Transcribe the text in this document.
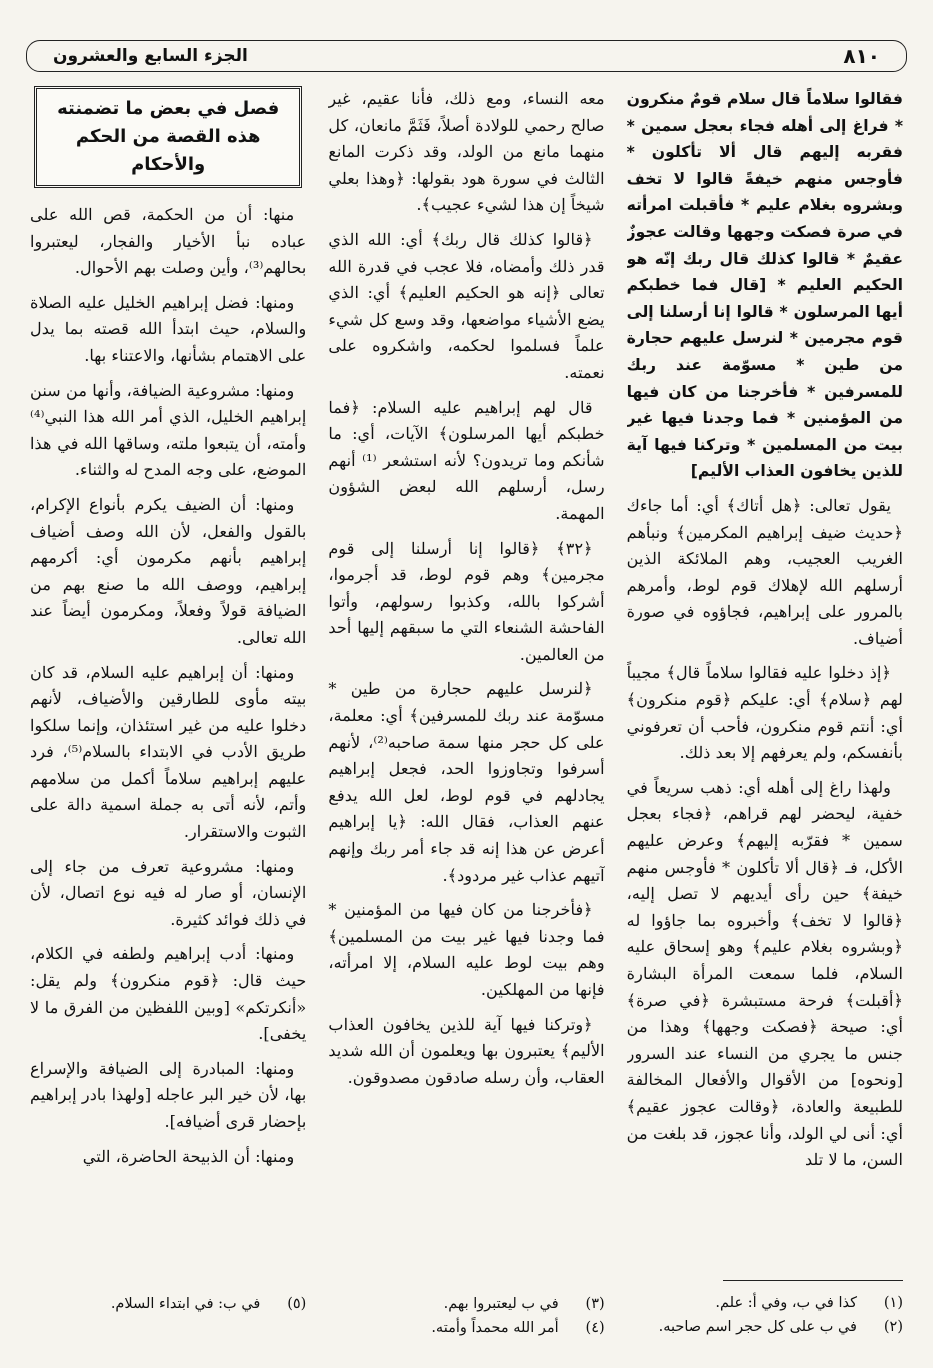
٨١٠
الجزء السابع والعشرون

فقالوا سلاماً قال سلام قومٌ منكرون * فراغ إلى أهله فجاء بعجل سمين * فقربه إليهم قال ألا تأكلون * فأوجس منهم خيفةً قالوا لا تخف وبشروه بغلام عليم * فأقبلت امرأته في صرة فصكت وجهها وقالت عجوزٌ عقيمٌ * قالوا كذلك قال ربك إنّه هو الحكيم العليم * [قال فما خطبكم أيها المرسلون * قالوا إنا أرسلنا إلى قوم مجرمين * لنرسل عليهم حجارة من طين * مسوّمة عند ربك للمسرفين * فأخرجنا من كان فيها من المؤمنين * فما وجدنا فيها غير بيت من المسلمين * وتركنا فيها آية للذين يخافون العذاب الأليم]

يقول تعالى: ﴿هل أتاك﴾ أي: أما جاءك ﴿حديث ضيف إبراهيم المكرمين﴾ ونبأهم الغريب العجيب، وهم الملائكة الذين أرسلهم الله لإهلاك قوم لوط، وأمرهم بالمرور على إبراهيم، فجاؤوه في صورة أضياف.

﴿إذ دخلوا عليه فقالوا سلاماً قال﴾ مجيباً لهم ﴿سلام﴾ أي: عليكم ﴿قوم منكرون﴾ أي: أنتم قوم منكرون، فأحب أن تعرفوني بأنفسكم، ولم يعرفهم إلا بعد ذلك.

ولهذا راغ إلى أهله أي: ذهب سريعاً في خفية، ليحضر لهم قراهم، ﴿فجاء بعجل سمين * فقرّبه إليهم﴾ وعرض عليهم الأكل، فـ ﴿قال ألا تأكلون * فأوجس منهم خيفة﴾ حين رأى أيديهم لا تصل إليه، ﴿قالوا لا تخف﴾ وأخبروه بما جاؤوا له ﴿وبشروه بغلام عليم﴾ وهو إسحاق عليه السلام، فلما سمعت المرأة البشارة ﴿أقبلت﴾ فرحة مستبشرة ﴿في صرة﴾ أي: صيحة ﴿فصكت وجهها﴾ وهذا من جنس ما يجري من النساء عند السرور [ونحوه] من الأقوال والأفعال المخالفة للطبيعة والعادة، ﴿وقالت عجوز عقيم﴾ أي: أنى لي الولد، وأنا عجوز، قد بلغت من السن، ما لا تلد

معه النساء، ومع ذلك، فأنا عقيم، غير صالح رحمي للولادة أصلاً، فَثَمَّ مانعان، كل منهما مانع من الولد، وقد ذكرت المانع الثالث في سورة هود بقولها: ﴿وهذا بعلي شيخاً إن هذا لشيء عجيب﴾.

﴿قالوا كذلك قال ربك﴾ أي: الله الذي قدر ذلك وأمضاه، فلا عجب في قدرة الله تعالى ﴿إنه هو الحكيم العليم﴾ أي: الذي يضع الأشياء مواضعها، وقد وسع كل شيء علماً فسلموا لحكمه، واشكروه على نعمته.

قال لهم إبراهيم عليه السلام: ﴿فما خطبكم أيها المرسلون﴾ الآيات، أي: ما شأنكم وما تريدون؟ لأنه استشعر ⁽¹⁾ أنهم رسل، أرسلهم الله لبعض الشؤون المهمة.

﴿٣٢﴾ ﴿قالوا إنا أرسلنا إلى قوم مجرمين﴾ وهم قوم لوط، قد أجرموا، أشركوا بالله، وكذبوا رسولهم، وأتوا الفاحشة الشنعاء التي ما سبقهم إليها أحد من العالمين.

﴿لنرسل عليهم حجارة من طين * مسوّمة عند ربك للمسرفين﴾ أي: معلمة، على كل حجر منها سمة صاحبه⁽²⁾، لأنهم أسرفوا وتجاوزوا الحد، فجعل إبراهيم يجادلهم في قوم لوط، لعل الله يدفع عنهم العذاب، فقال الله: ﴿يا إبراهيم أعرض عن هذا إنه قد جاء أمر ربك وإنهم آتيهم عذاب غير مردود﴾.

﴿فأخرجنا من كان فيها من المؤمنين * فما وجدنا فيها غير بيت من المسلمين﴾ وهم بيت لوط عليه السلام، إلا امرأته، فإنها من المهلكين.

﴿وتركنا فيها آية للذين يخافون العذاب الأليم﴾ يعتبرون بها ويعلمون أن الله شديد العقاب، وأن رسله صادقون مصدوقون.

فصل في بعض ما تضمنته هذه القصة من الحكم والأحكام

منها: أن من الحكمة، قص الله على عباده نبأ الأخيار والفجار، ليعتبروا بحالهم⁽³⁾، وأين وصلت بهم الأحوال.

ومنها: فضل إبراهيم الخليل عليه الصلاة والسلام، حيث ابتدأ الله قصته بما يدل على الاهتمام بشأنها، والاعتناء بها.

ومنها: مشروعية الضيافة، وأنها من سنن إبراهيم الخليل، الذي أمر الله هذا النبي⁽⁴⁾ وأمته، أن يتبعوا ملته، وساقها الله في هذا الموضع، على وجه المدح له والثناء.

ومنها: أن الضيف يكرم بأنواع الإكرام، بالقول والفعل، لأن الله وصف أضياف إبراهيم بأنهم مكرمون أي: أكرمهم إبراهيم، ووصف الله ما صنع بهم من الضيافة قولاً وفعلاً، ومكرمون أيضاً عند الله تعالى.

ومنها: أن إبراهيم عليه السلام، قد كان بيته مأوى للطارقين والأضياف، لأنهم دخلوا عليه من غير استئذان، وإنما سلكوا طريق الأدب في الابتداء بالسلام⁽⁵⁾، فرد عليهم إبراهيم سلاماً أكمل من سلامهم وأتم، لأنه أتى به جملة اسمية دالة على الثبوت والاستقرار.

ومنها: مشروعية تعرف من جاء إلى الإنسان، أو صار له فيه نوع اتصال، لأن في ذلك فوائد كثيرة.

ومنها: أدب إبراهيم ولطفه في الكلام، حيث قال: ﴿قوم منكرون﴾ ولم يقل: «أنكرتكم» [وبين اللفظين من الفرق ما لا يخفى].

ومنها: المبادرة إلى الضيافة والإسراع بها، لأن خير البر عاجله [ولهذا بادر إبراهيم بإحضار قرى أضيافه].

ومنها: أن الذبيحة الحاضرة، التي

(١)
كذا في ب، وفي أ: علم.
(٢)
في ب على كل حجر اسم صاحبه.
(٣)
في ب ليعتبروا بهم.
(٤)
أمر الله محمداً وأمته.
(٥)
في ب: في ابتداء السلام.
